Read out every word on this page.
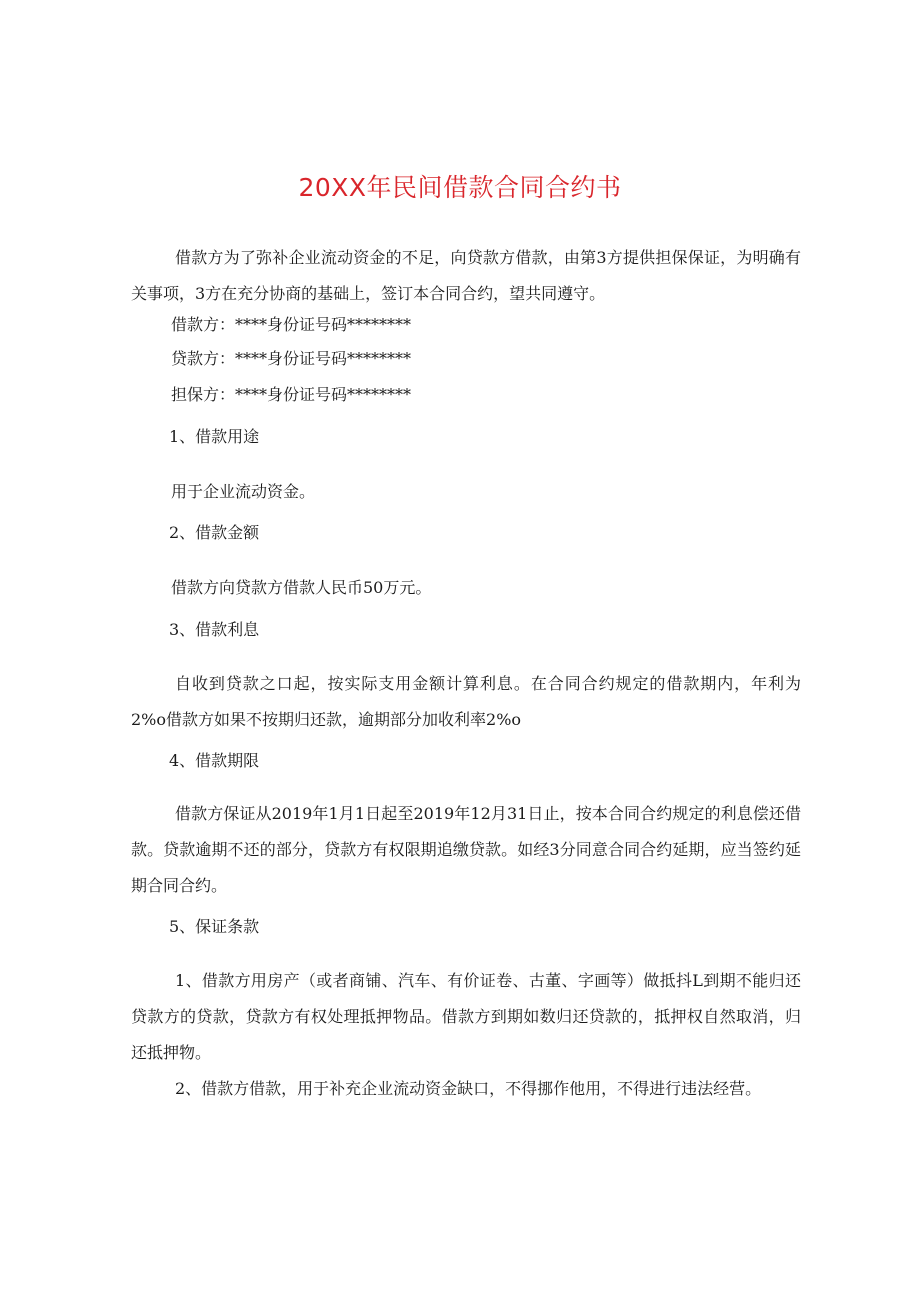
20XX年民间借款合同合约书

借款方为了弥补企业流动资金的不足，向贷款方借款，由第3方提供担保保证，为明确有关事项，3方在充分协商的基础上，签订本合同合约，望共同遵守。

借款方：****身份证号码********

贷款方：****身份证号码********

担保方：****身份证号码********

1、借款用途

用于企业流动资金。

2、借款金额

借款方向贷款方借款人民币50万元。

3、借款利息

自收到贷款之口起，按实际支用金额计算利息。在合同合约规定的借款期内，年利为2%o借款方如果不按期归还款，逾期部分加收利率2%o

4、借款期限

借款方保证从2019年1月1日起至2019年12月31日止，按本合同合约规定的利息偿还借款。贷款逾期不还的部分，贷款方有权限期追缴贷款。如经3分同意合同合约延期，应当签约延期合同合约。

5、保证条款

1、借款方用房产（或者商铺、汽车、有价证卷、古董、字画等）做抵抖L到期不能归还贷款方的贷款，贷款方有权处理抵押物品。借款方到期如数归还贷款的，抵押权自然取消，归还抵押物。

2、借款方借款，用于补充企业流动资金缺口，不得挪作他用，不得进行违法经营。
